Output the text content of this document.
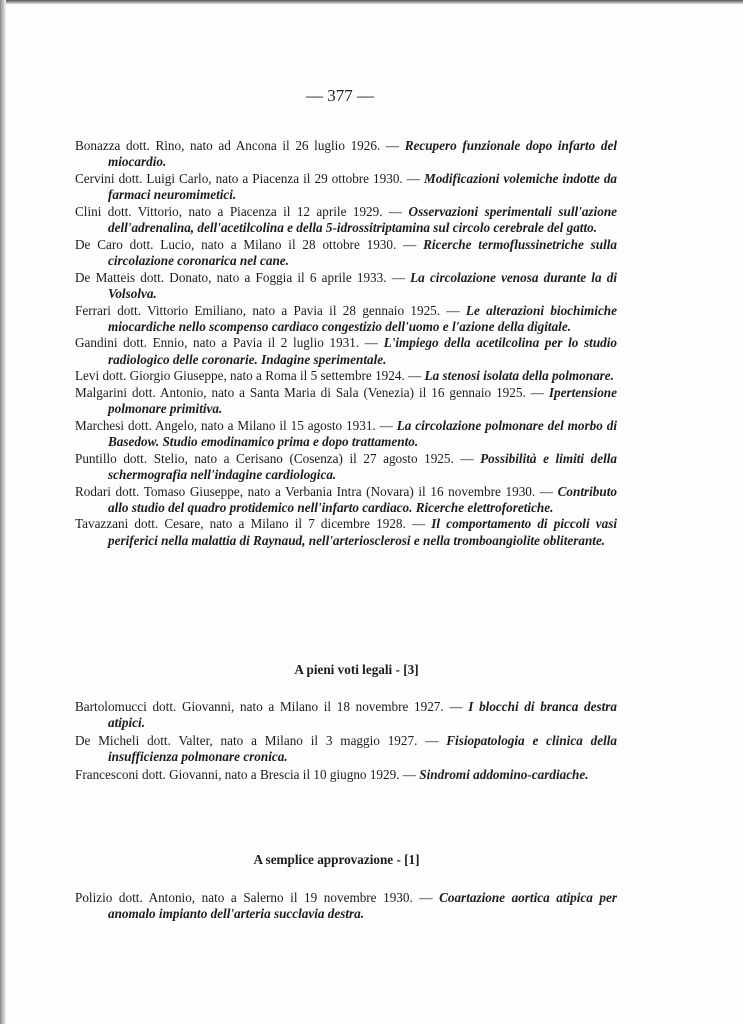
— 377 —
Bonazza dott. Rino, nato ad Ancona il 26 luglio 1926. — Recupero funzionale dopo infarto del miocardio.
Cervini dott. Luigi Carlo, nato a Piacenza il 29 ottobre 1930. — Modificazioni volemiche indotte da farmaci neuromimetici.
Clini dott. Vittorio, nato a Piacenza il 12 aprile 1929. — Osservazioni sperimentali sull'azione dell'adrenalina, dell'acetilcolina e della 5-idrossitriptamina sul circolo cerebrale del gatto.
De Caro dott. Lucio, nato a Milano il 28 ottobre 1930. — Ricerche termoflussinetriche sulla circolazione coronarica nel cane.
De Matteis dott. Donato, nato a Foggia il 6 aprile 1933. — La circolazione venosa durante la di Volsolva.
Ferrari dott. Vittorio Emiliano, nato a Pavia il 28 gennaio 1925. — Le alterazioni biochimiche miocardiche nello scompenso cardiaco congestizio dell'uomo e l'azione della digitale.
Gandini dott. Ennio, nato a Pavia il 2 luglio 1931. — L'impiego della acetilcolina per lo studio radiologico delle coronarie. Indagine sperimentale.
Levi dott. Giorgio Giuseppe, nato a Roma il 5 settembre 1924. — La stenosi isolata della polmonare.
Malgarini dott. Antonio, nato a Santa Maria di Sala (Venezia) il 16 gennaio 1925. — Ipertensione polmonare primitiva.
Marchesi dott. Angelo, nato a Milano il 15 agosto 1931. — La circolazione polmonare del morbo di Basedow. Studio emodinamico prima e dopo trattamento.
Puntillo dott. Stelio, nato a Cerisano (Cosenza) il 27 agosto 1925. — Possibilità e limiti della schermografia nell'indagine cardiologica.
Rodari dott. Tomaso Giuseppe, nato a Verbania Intra (Novara) il 16 novembre 1930. — Contributo allo studio del quadro protidemico nell'infarto cardiaco. Ricerche elettroforetiche.
Tavazzani dott. Cesare, nato a Milano il 7 dicembre 1928. — Il comportamento di piccoli vasi periferici nella malattia di Raynaud, nell'arteriosclerosi e nella tromboangiolite obliterante.
A pieni voti legali - [3]
Bartolomucci dott. Giovanni, nato a Milano il 18 novembre 1927. — I blocchi di branca destra atipici.
De Micheli dott. Valter, nato a Milano il 3 maggio 1927. — Fisiopatologia e clinica della insufficienza polmonare cronica.
Francesconi dott. Giovanni, nato a Brescia il 10 giugno 1929. — Sindromi addomino-cardiache.
A semplice approvazione - [1]
Polizio dott. Antonio, nato a Salerno il 19 novembre 1930. — Coartazione aortica atipica per anomalo impianto dell'arteria succlavia destra.
